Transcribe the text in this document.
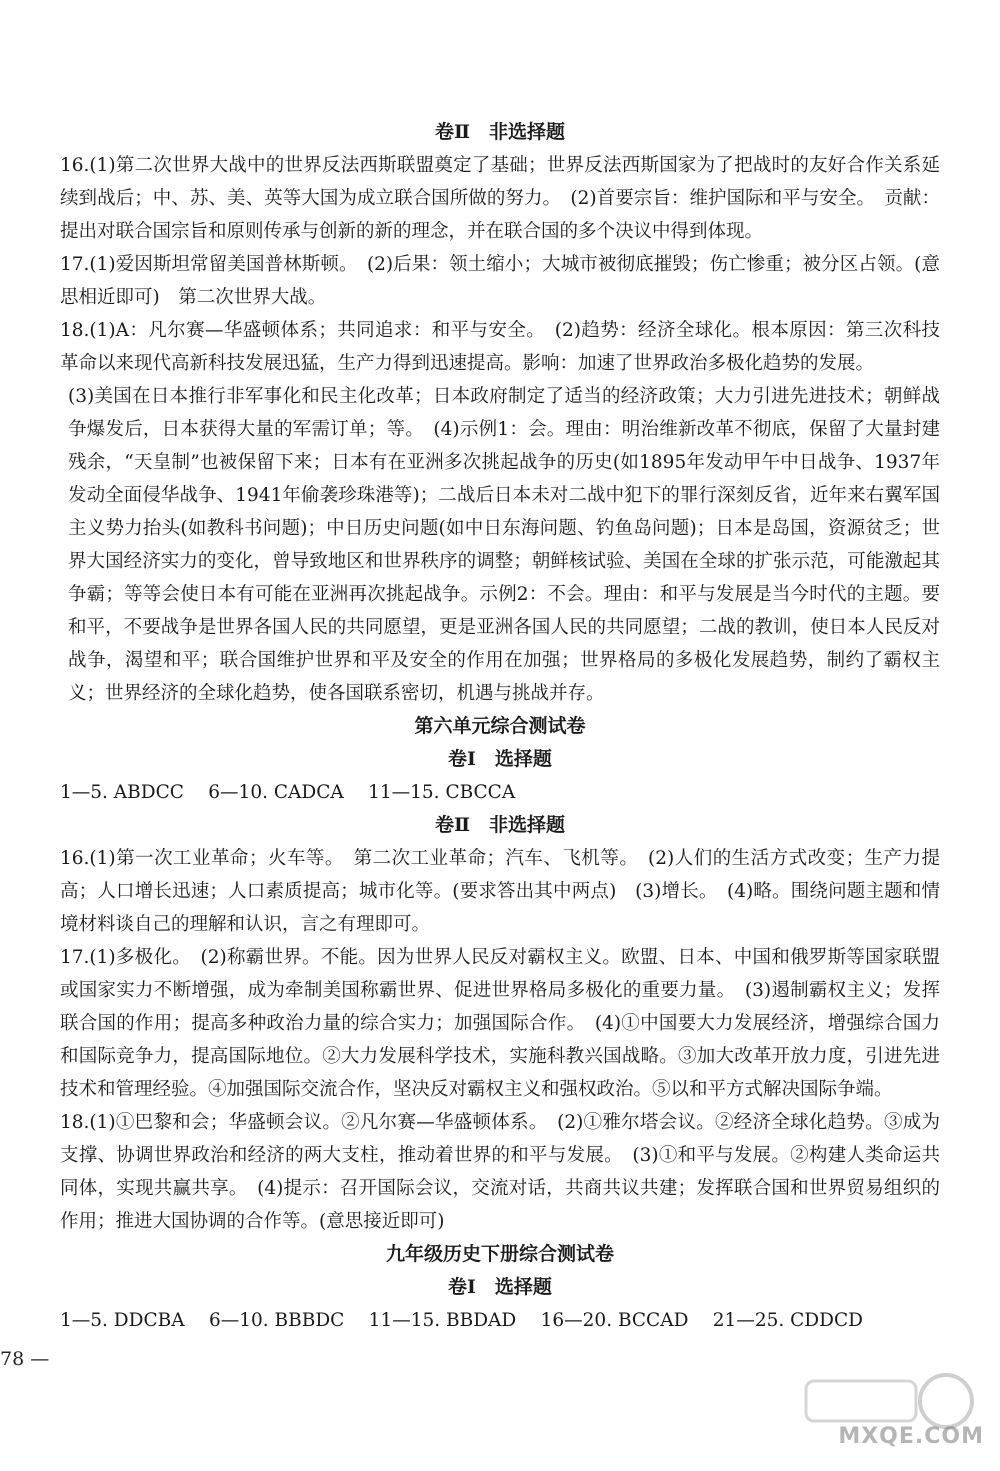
卷Ⅱ　非选择题

16.(1)第二次世界大战中的世界反法西斯联盟奠定了基础；世界反法西斯国家为了把战时的友好合作关系延续到战后；中、苏、美、英等大国为成立联合国所做的努力。　(2)首要宗旨：维护国际和平与安全。　贡献：提出对联合国宗旨和原则传承与创新的新的理念，并在联合国的多个决议中得到体现。

17.(1)爱因斯坦常留美国普林斯顿。　(2)后果：领土缩小；大城市被彻底摧毁；伤亡惨重；被分区占领。(意思相近即可)　第二次世界大战。

18.(1)A：凡尔赛—华盛顿体系；共同追求：和平与安全。　(2)趋势：经济全球化。根本原因：第三次科技革命以来现代高新科技发展迅猛，生产力得到迅速提高。影响：加速了世界政治多极化趋势的发展。

(3)美国在日本推行非军事化和民主化改革；日本政府制定了适当的经济政策；大力引进先进技术；朝鲜战争爆发后，日本获得大量的军需订单；等。　(4)示例1：会。理由：明治维新改革不彻底，保留了大量封建残余，“天皇制”也被保留下来；日本有在亚洲多次挑起战争的历史(如1895年发动甲午中日战争、1937年发动全面侵华战争、1941年偷袭珍珠港等)；二战后日本未对二战中犯下的罪行深刻反省，近年来右翼军国主义势力抬头(如教科书问题)；中日历史问题(如中日东海问题、钓鱼岛问题)；日本是岛国，资源贫乏；世界大国经济实力的变化，曾导致地区和世界秩序的调整；朝鲜核试验、美国在全球的扩张示范，可能激起其争霸；等等会使日本有可能在亚洲再次挑起战争。示例2：不会。理由：和平与发展是当今时代的主题。要和平，不要战争是世界各国人民的共同愿望，更是亚洲各国人民的共同愿望；二战的教训，使日本人民反对战争，渴望和平；联合国维护世界和平及安全的作用在加强；世界格局的多极化发展趋势，制约了霸权主义；世界经济的全球化趋势，使各国联系密切，机遇与挑战并存。

第六单元综合测试卷

卷Ⅰ　选择题

1—5. ABDCC　 6—10. CADCA　 11—15. CBCCA

卷Ⅱ　非选择题

16.(1)第一次工业革命；火车等。　第二次工业革命；汽车、飞机等。　(2)人们的生活方式改变；生产力提高；人口增长迅速；人口素质提高；城市化等。(要求答出其中两点)　(3)增长。　(4)略。围绕问题主题和情境材料谈自己的理解和认识，言之有理即可。

17.(1)多极化。　(2)称霸世界。不能。因为世界人民反对霸权主义。欧盟、日本、中国和俄罗斯等国家联盟或国家实力不断增强，成为牵制美国称霸世界、促进世界格局多极化的重要力量。　(3)遏制霸权主义；发挥联合国的作用；提高多种政治力量的综合实力；加强国际合作。　(4)①中国要大力发展经济，增强综合国力和国际竞争力，提高国际地位。②大力发展科学技术，实施科教兴国战略。③加大改革开放力度，引进先进技术和管理经验。④加强国际交流合作，坚决反对霸权主义和强权政治。⑤以和平方式解决国际争端。

18.(1)①巴黎和会；华盛顿会议。②凡尔赛—华盛顿体系。　(2)①雅尔塔会议。②经济全球化趋势。③成为支撑、协调世界政治和经济的两大支柱，推动着世界的和平与发展。　(3)①和平与发展。②构建人类命运共同体，实现共赢共享。　(4)提示：召开国际会议，交流对话，共商共议共建；发挥联合国和世界贸易组织的作用；推进大国协调的合作等。(意思接近即可)

九年级历史下册综合测试卷

卷Ⅰ　选择题

1—5. DDCBA　 6—10. BBBDC　 11—15. BBDAD　 16—20. BCCAD　 21—25. CDDCD

78 —
MXQE.COM
